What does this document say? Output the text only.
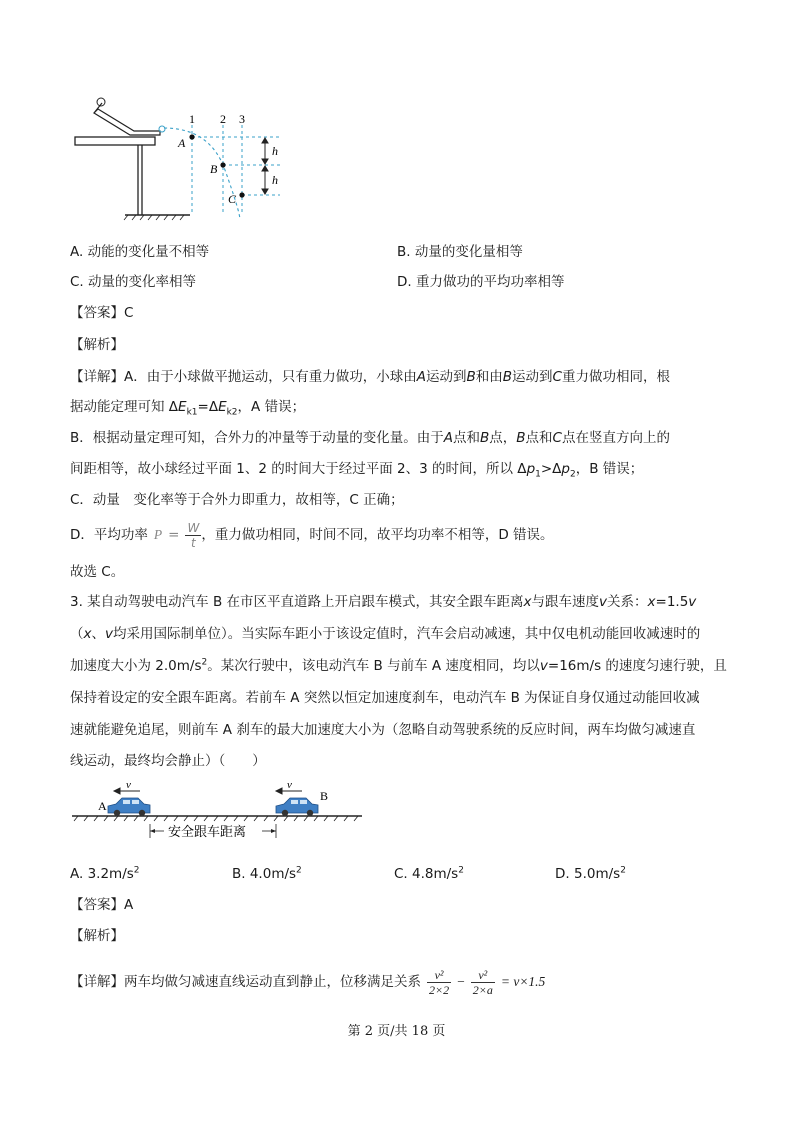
1 2 3
A
B
C
h
h
A. 动能的变化量不相等	B. 动量的变化量相等
C. 动量的变化率相等	D. 重力做功的平均功率相等
【答案】C
【解析】
【详解】A．由于小球做平抛运动，只有重力做功，小球由A运动到B和由B运动到C重力做功相同，根
据动能定理可知 $\Delta E_{k1}=\Delta E_{k2}$，A 错误；
B．根据动量定理可知，合外力的冲量等于动量的变化量。由于A点和B点，B点和C点在竖直方向上的
间距相等，故小球经过平面 1、2 的时间大于经过平面 2、3 的时间，所以 $\Delta p_1>\Delta p_2$，B 错误；
C．动量　变化率等于合外力即重力，故相等，C 正确；
D．平均功率 $P = \frac{W}{t}$ ，重力做功相同，时间不同，故平均功率不相等，D 错误。
故选 C。
3. 某自动驾驶电动汽车 B 在市区平直道路上开启跟车模式，其安全跟车距离x与跟车速度v关系：x=1.5v
（x、v均采用国际制单位）。当实际车距小于该设定值时，汽车会启动减速，其中仅电机动能回收减速时的
加速度大小为 $2.0m/s^2$。某次行驶中，该电动汽车 B 与前车 A 速度相同，均以v=16m/s 的速度匀速行驶，且
保持着设定的安全跟车距离。若前车 A 突然以恒定加速度刹车，电动汽车 B 为保证自身仅通过动能回收减
速就能避免追尾，则前车 A 刹车的最大加速度大小为（忽略自动驾驶系统的反应时间，两车均做匀减速直
线运动，最终均会静止）（　　）
v	v
A
B
安全跟车距离
A. $3.2m/s^2$	B. $4.0m/s^2$	C. $4.8m/s^2$	D. $5.0m/s^2$
【答案】A
【解析】
【详解】 两车均做匀减速直线运动直到静止，位移满足关系 $\frac{\text{v²}}{2\times 2} - \frac{\text{v²}}{2\times a} = v\times 1.5$
第 2 页/共 18 页
